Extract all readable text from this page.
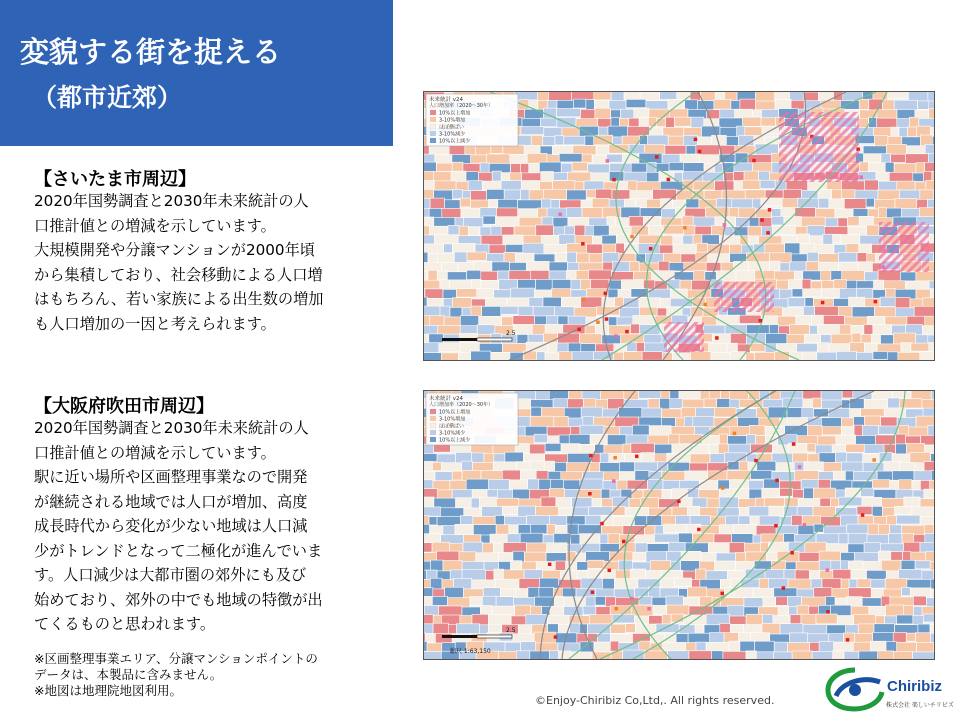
変貌する街を捉える
（都市近郊）
【さいたま市周辺】
2020年国勢調査と2030年未来統計の人
口推計値との増減を示しています。
大規模開発や分譲マンションが2000年頃
から集積しており、社会移動による人口増
はもちろん、若い家族による出生数の増加
も人口増加の一因と考えられます。
【大阪府吹田市周辺】
2020年国勢調査と2030年未来統計の人
口推計値との増減を示しています。
駅に近い場所や区画整理事業なので開発
が継続される地域では人口が増加、高度
成長時代から変化が少ない地域は人口減
少がトレンドとなって二極化が進んでいま
す。人口減少は大都市圏の郊外にも及び
始めており、郊外の中でも地域の特徴が出
てくるものと思われます。
※区画整理事業エリア、分譲マンションポイントの
データは、本製品に含みません。
※地図は地理院地図利用。
©Enjoy-Chiribiz Co,Ltd,. All rights reserved.
未来統計 v24
人口増加率（2020〜30年）
10%以上増加
3-10%増加
ほぼ横ばい
3-10%減少
10%以上減少
2.5
未来統計 v24
人口増加率（2020〜30年）
10%以上増加
3-10%増加
ほぼ横ばい
3-10%減少
10%以上減少
2.5
縮尺 1:63,150
Chiribiz
株式会社 楽しいチリビズ
